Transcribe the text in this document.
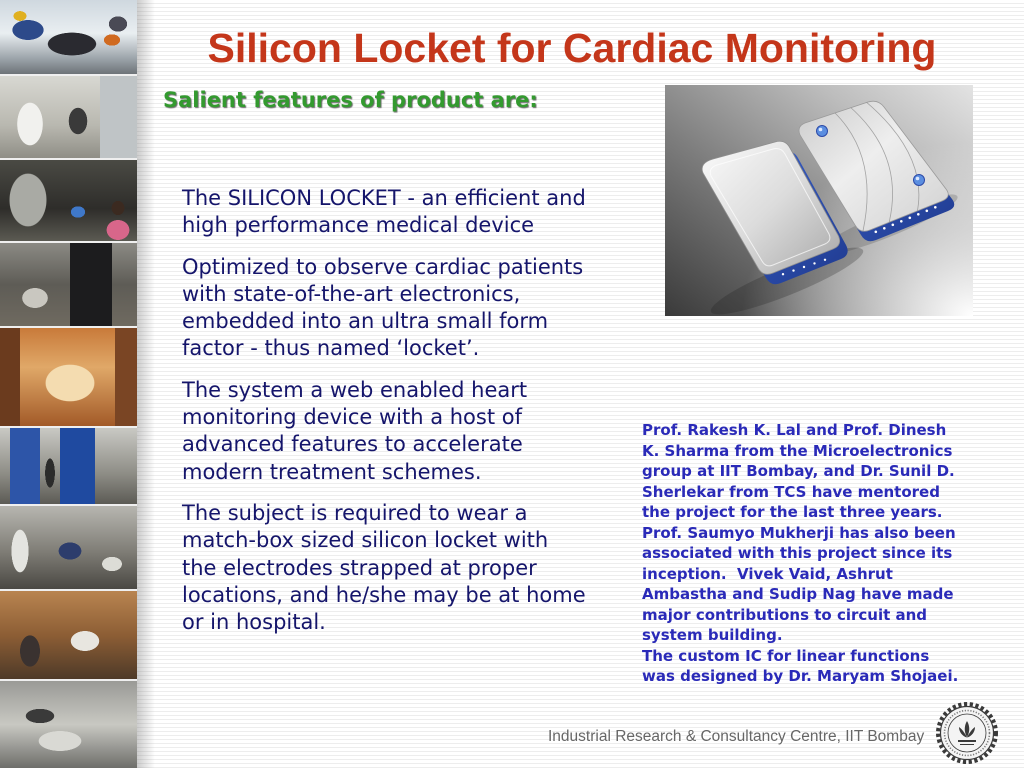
Silicon Locket for Cardiac Monitoring
Salient features of product are:
The SILICON LOCKET - an efficient and
high performance medical device
Optimized to observe cardiac patients
with state-of-the-art electronics,
embedded into an ultra small form
factor - thus named ‘locket’.
The system a web enabled heart
monitoring device with a host of
advanced features to accelerate
modern treatment schemes.
The subject is required to wear a
match-box sized silicon locket with
the electrodes strapped at proper
locations, and he/she may be at home
or in hospital.
Prof. Rakesh K. Lal and Prof. Dinesh
K. Sharma from the Microelectronics
group at IIT Bombay, and Dr. Sunil D.
Sherlekar from TCS have mentored
the project for the last three years.
Prof. Saumyo Mukherji has also been
associated with this project since its
inception.  Vivek Vaid, Ashrut
Ambastha and Sudip Nag have made
major contributions to circuit and
system building.
The custom IC for linear functions
was designed by Dr. Maryam Shojaei.
Industrial Research & Consultancy Centre, IIT Bombay
